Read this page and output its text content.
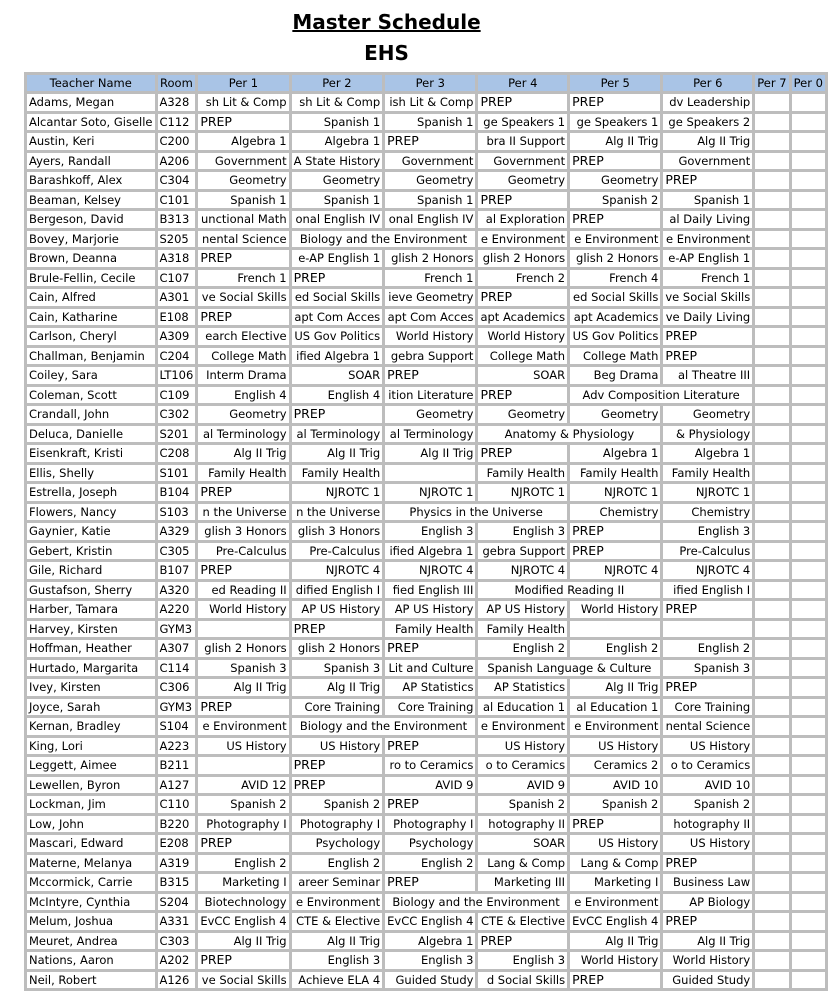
Master Schedule
EHS
Teacher Name	Room	Per 1	Per 2	Per 3	Per 4	Per 5	Per 6	Per 7	Per 0
Adams, Megan	A328	sh Lit & Comp	sh Lit & Comp	ish Lit & Comp	PREP	PREP	dv Leadership		
Alcantar Soto, Giselle	C112	PREP	Spanish 1	Spanish 1	ge Speakers 1	ge Speakers 1	ge Speakers 2		
Austin, Keri	C200	Algebra 1	Algebra 1	PREP	bra II Support	Alg II Trig	Alg II Trig		
Ayers, Randall	A206	Government	A State History	Government	Government	PREP	Government		
Barashkoff, Alex	C304	Geometry	Geometry	Geometry	Geometry	Geometry	PREP		
Beaman, Kelsey	C101	Spanish 1	Spanish 1	Spanish 1	PREP	Spanish 2	Spanish 1		
Bergeson, David	B313	unctional Math	onal English IV	onal English IV	al Exploration	PREP	al Daily Living		
Bovey, Marjorie	S205	nental Science	Biology and the Environment		e Environment	e Environment	e Environment		
Brown, Deanna	A318	PREP	e-AP English 1	glish 2 Honors	glish 2 Honors	glish 2 Honors	e-AP English 1		
Brule-Fellin, Cecile	C107	French 1	PREP	French 1	French 2	French 4	French 1		
Cain, Alfred	A301	ve Social Skills	ed Social Skills	ieve Geometry	PREP	ed Social Skills	ve Social Skills		
Cain, Katharine	E108	PREP	apt Com Acces	apt Com Acces	apt Academics	apt Academics	ve Daily Living		
Carlson, Cheryl	A309	earch Elective	US Gov Politics	World History	World History	US Gov Politics	PREP		
Challman, Benjamin	C204	College Math	ified Algebra 1	gebra Support	College Math	College Math	PREP		
Coiley, Sara	LT106	Interm Drama	SOAR	PREP	SOAR	Beg Drama	al Theatre III		
Coleman, Scott	C109	English 4	English 4	ition Literature	PREP	Adv Composition Literature			
Crandall, John	C302	Geometry	PREP	Geometry	Geometry	Geometry	Geometry		
Deluca, Danielle	S201	al Terminology	al Terminology	al Terminology	Anatomy & Physiology		& Physiology		
Eisenkraft, Kristi	C208	Alg II Trig	Alg II Trig	Alg II Trig	PREP	Algebra 1	Algebra 1		
Ellis, Shelly	S101	Family Health	Family Health		Family Health	Family Health	Family Health		
Estrella, Joseph	B104	PREP	NJROTC 1	NJROTC 1	NJROTC 1	NJROTC 1	NJROTC 1		
Flowers, Nancy	S103	n the Universe	n the Universe	Physics in the Universe		Chemistry	Chemistry		
Gaynier, Katie	A329	glish 3 Honors	glish 3 Honors	English 3	English 3	PREP	English 3		
Gebert, Kristin	C305	Pre-Calculus	Pre-Calculus	ified Algebra 1	gebra Support	PREP	Pre-Calculus		
Gile, Richard	B107	PREP	NJROTC 4	NJROTC 4	NJROTC 4	NJROTC 4	NJROTC 4		
Gustafson, Sherry	A320	ed Reading II	dified English I	fied English III	Modified Reading II		ified English I		
Harber, Tamara	A220	World History	AP US History	AP US History	AP US History	World History	PREP		
Harvey, Kirsten	GYM3		PREP	Family Health	Family Health				
Hoffman, Heather	A307	glish 2 Honors	glish 2 Honors	PREP	English 2	English 2	English 2		
Hurtado, Margarita	C114	Spanish 3	Spanish 3	Lit and Culture	Spanish Language & Culture		Spanish 3		
Ivey, Kirsten	C306	Alg II Trig	Alg II Trig	AP Statistics	AP Statistics	Alg II Trig	PREP		
Joyce, Sarah	GYM3	PREP	Core Training	Core Training	al Education 1	al Education 1	Core Training		
Kernan, Bradley	S104	e Environment	Biology and the Environment		e Environment	e Environment	nental Science		
King, Lori	A223	US History	US History	PREP	US History	US History	US History		
Leggett, Aimee	B211		PREP	ro to Ceramics	o to Ceramics	Ceramics 2	o to Ceramics		
Lewellen, Byron	A127	AVID 12	PREP	AVID 9	AVID 9	AVID 10	AVID 10		
Lockman, Jim	C110	Spanish 2	Spanish 2	PREP	Spanish 2	Spanish 2	Spanish 2		
Low, John	B220	Photography I	Photography I	Photography I	hotography II	PREP	hotography II		
Mascari, Edward	E208	PREP	Psychology	Psychology	SOAR	US History	US History		
Materne, Melanya	A319	English 2	English 2	English 2	Lang & Comp	Lang & Comp	PREP		
Mccormick, Carrie	B315	Marketing I	areer Seminar	PREP	Marketing III	Marketing I	Business Law		
McIntyre, Cynthia	S204	Biotechnology	e Environment	Biology and the Environment		e Environment	AP Biology		
Melum, Joshua	A331	EvCC English 4	CTE & Elective	EvCC English 4	CTE & Elective	EvCC English 4	PREP		
Meuret, Andrea	C303	Alg II Trig	Alg II Trig	Algebra 1	PREP	Alg II Trig	Alg II Trig		
Nations, Aaron	A202	PREP	English 3	English 3	English 3	World History	World History		
Neil, Robert	A126	ve Social Skills	Achieve ELA 4	Guided Study	d Social Skills	PREP	Guided Study		
